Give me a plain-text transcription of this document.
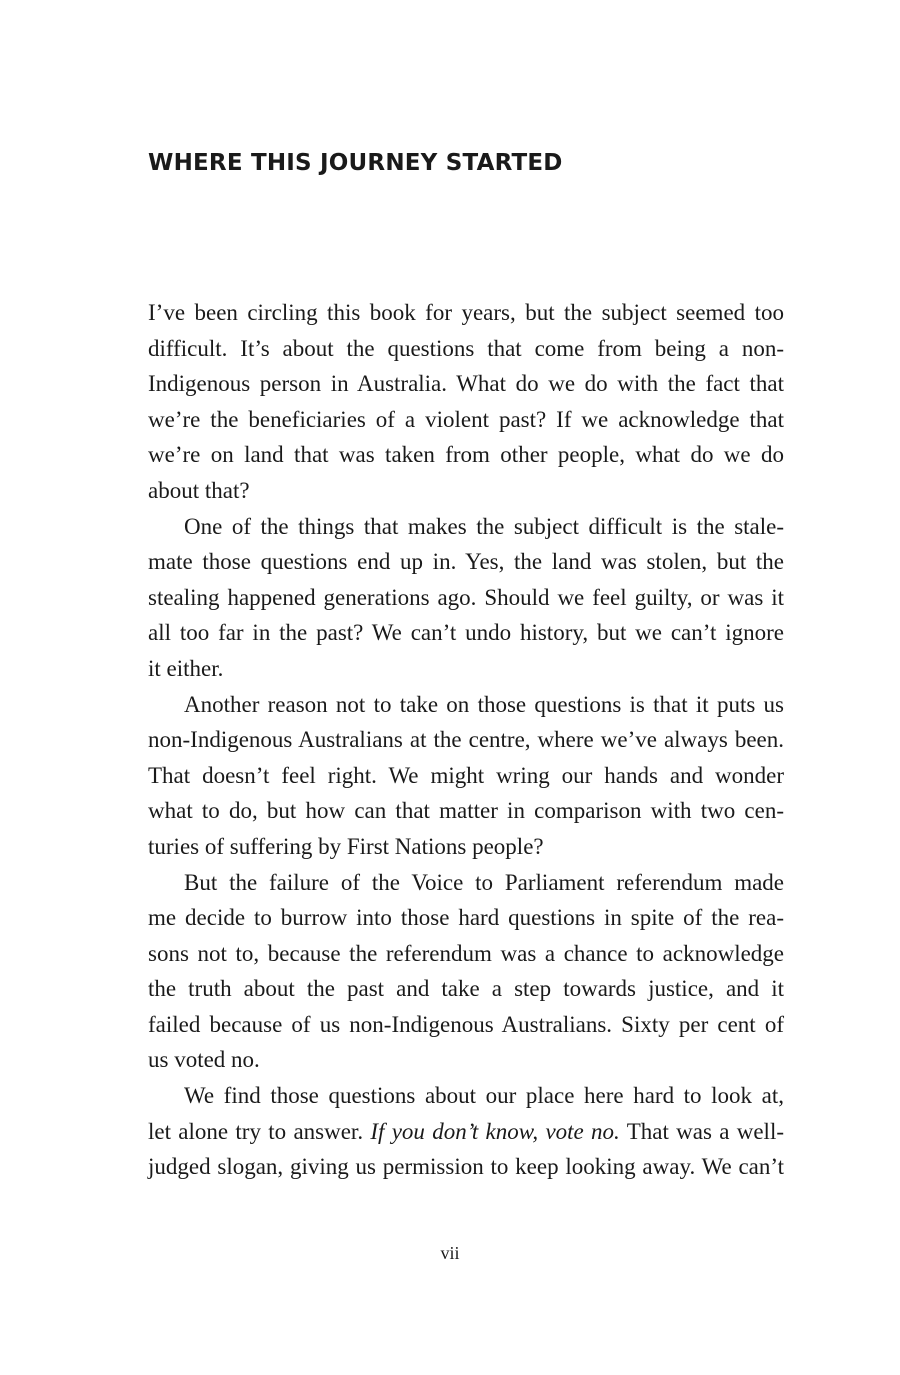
WHERE THIS JOURNEY STARTED

I’ve been circling this book for years, but the subject seemed too
difficult. It’s about the questions that come from being a non-
Indigenous person in Australia. What do we do with the fact that
we’re the beneficiaries of a violent past? If we acknowledge that
we’re on land that was taken from other people, what do we do
about that?

One of the things that makes the subject difficult is the stale-
mate those questions end up in. Yes, the land was stolen, but the
stealing happened generations ago. Should we feel guilty, or was it
all too far in the past? We can’t undo history, but we can’t ignore
it either.

Another reason not to take on those questions is that it puts us
non-Indigenous Australians at the centre, where we’ve always been.
That doesn’t feel right. We might wring our hands and wonder
what to do, but how can that matter in comparison with two cen-
turies of suffering by First Nations people?

But the failure of the Voice to Parliament referendum made
me decide to burrow into those hard questions in spite of the rea-
sons not to, because the referendum was a chance to acknowledge
the truth about the past and take a step towards justice, and it
failed because of us non-Indigenous Australians. Sixty per cent of
us voted no.

We find those questions about our place here hard to look at,
let alone try to answer. If you don’t know, vote no. That was a well-
judged slogan, giving us permission to keep looking away. We can’t

vii
